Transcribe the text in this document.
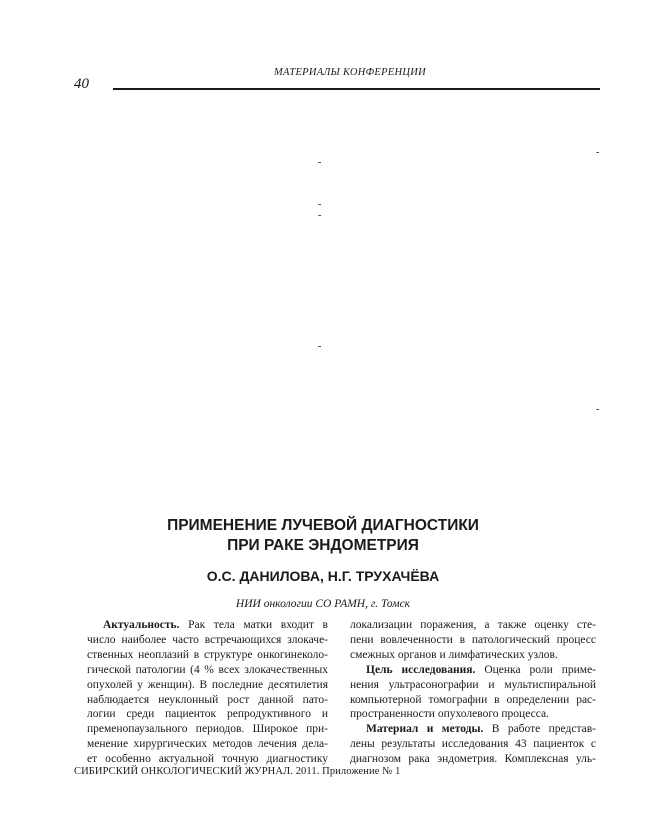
МАТЕРИАЛЫ КОНФЕРЕНЦИИ
40
-
-
-
-
-
-
ПРИМЕНЕНИЕ ЛУЧЕВОЙ ДИАГНОСТИКИ
ПРИ РАКЕ ЭНДОМЕТРИЯ
О.С. ДАНИЛОВА, Н.Г. ТРУХАЧЁВА
НИИ онкологии СО РАМН, г. Томск
Актуальность. Рак тела матки входит в
число наиболее часто встречающихся злокаче-
ственных неоплазий в структуре онкогинеколо-
гической патологии (4 % всех злокачественных
опухолей у женщин). В последние десятилетия
наблюдается неуклонный рост данной пато-
логии среди пациенток репродуктивного и
пременопаузального периодов. Широкое при-
менение хирургических методов лечения дела-
ет особенно актуальной точную диагностику
локализации поражения, а также оценку сте-
пени вовлеченности в патологический процесс
смежных органов и лимфатических узлов.
Цель исследования. Оценка роли приме-
нения ультрасонографии и мультиспиральной
компьютерной томографии в определении рас-
пространенности опухолевого процесса.
Материал и методы. В работе представ-
лены результаты исследования 43 пациенток с
диагнозом рака эндометрия. Комплексная уль-
СИБИРСКИЙ ОНКОЛОГИЧЕСКИЙ ЖУРНАЛ. 2011. Приложение № 1
